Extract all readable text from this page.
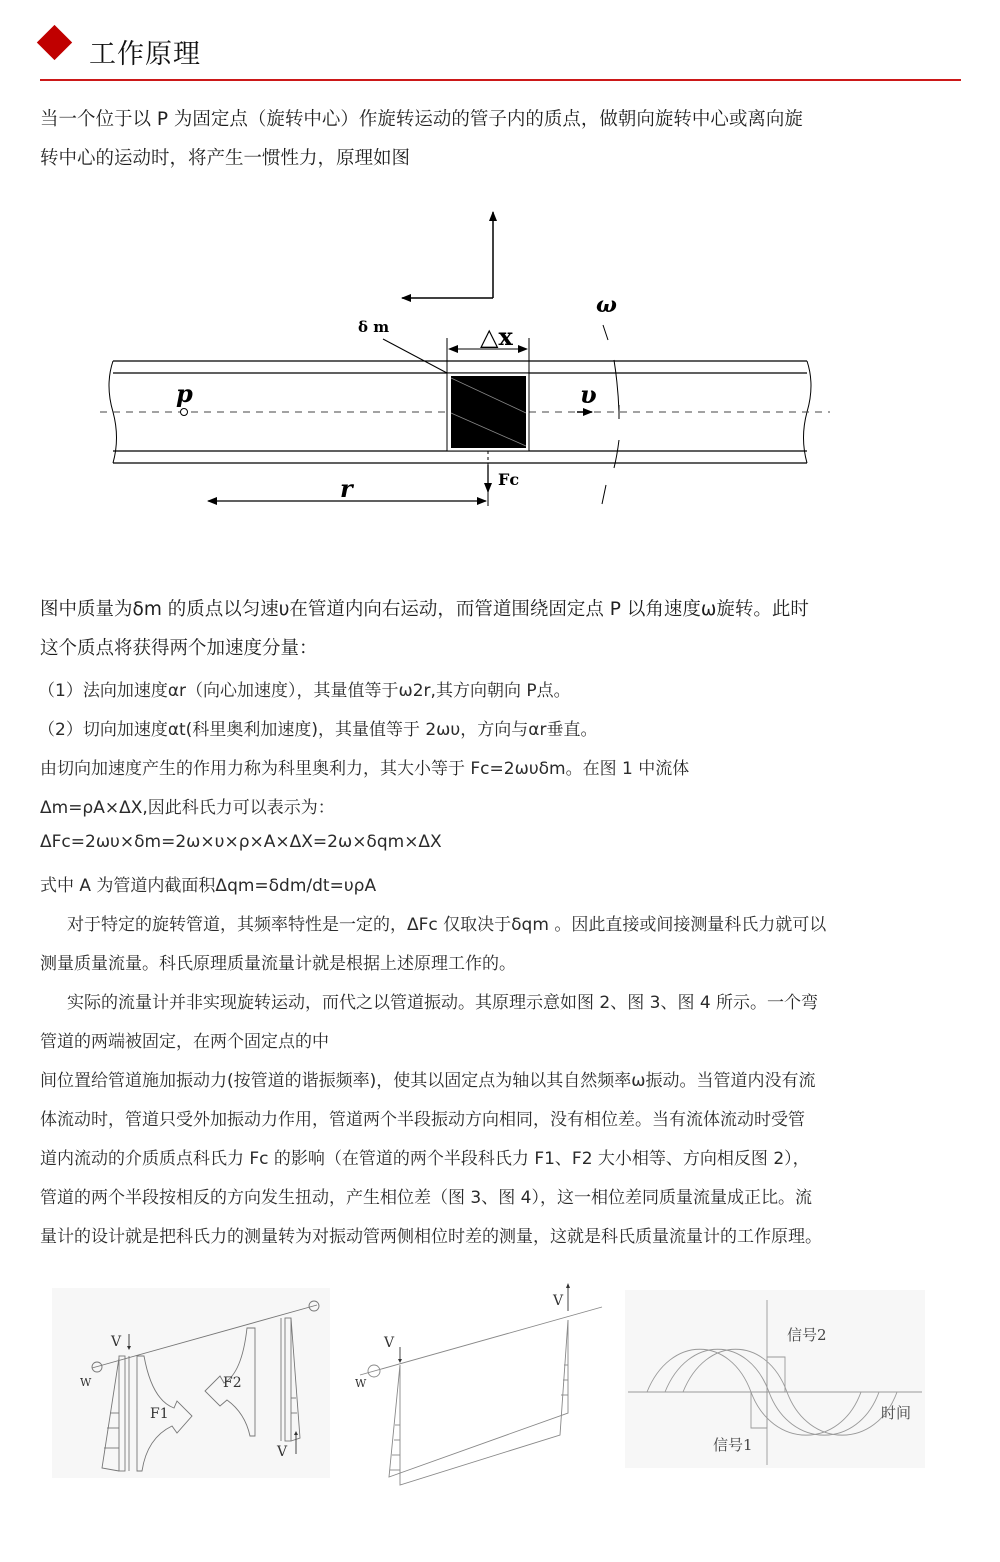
工作原理
当一个位于以 P 为固定点（旋转中心）作旋转运动的管子内的质点，做朝向旋转中心或离向旋
转中心的运动时，将产生一惯性力，原理如图
p
δ m	△x
υ
ω
Fc
r
图中质量为δm 的质点以匀速υ在管道内向右运动，而管道围绕固定点 P 以角速度ω旋转。此时
这个质点将获得两个加速度分量：
（1）法向加速度αr（向心加速度），其量值等于ω2r,其方向朝向 P点。
（2）切向加速度αt(科里奥利加速度)，其量值等于 2ωυ，方向与αr垂直。
由切向加速度产生的作用力称为科里奥利力，其大小等于 Fc=2ωυδm。在图 1 中流体
Δm=ρA×ΔX,因此科氏力可以表示为：
ΔFc=2ωυ×δm=2ω×υ×ρ×A×ΔX=2ω×δqm×ΔX
式中 A 为管道内截面积Δqm=δdm/dt=υρA
对于特定的旋转管道，其频率特性是一定的，ΔFc 仅取决于δqm 。因此直接或间接测量科氏力就可以
测量质量流量。科氏原理质量流量计就是根据上述原理工作的。
实际的流量计并非实现旋转运动，而代之以管道振动。其原理示意如图 2、图 3、图 4 所示。一个弯
管道的两端被固定，在两个固定点的中
间位置给管道施加振动力(按管道的谐振频率)，使其以固定点为轴以其自然频率ω振动。当管道内没有流
体流动时，管道只受外加振动力作用，管道两个半段振动方向相同，没有相位差。当有流体流动时受管
道内流动的介质质点科氏力 Fc 的影响（在管道的两个半段科氏力 F1、F2 大小相等、方向相反图 2），
管道的两个半段按相反的方向发生扭动，产生相位差（图 3、图 4），这一相位差同质量流量成正比。流
量计的设计就是把科氏力的测量转为对振动管两侧相位时差的测量，这就是科氏质量流量计的工作原理。
V
W
F1
F2
V
V
V
W
信号2
信号1
时间
